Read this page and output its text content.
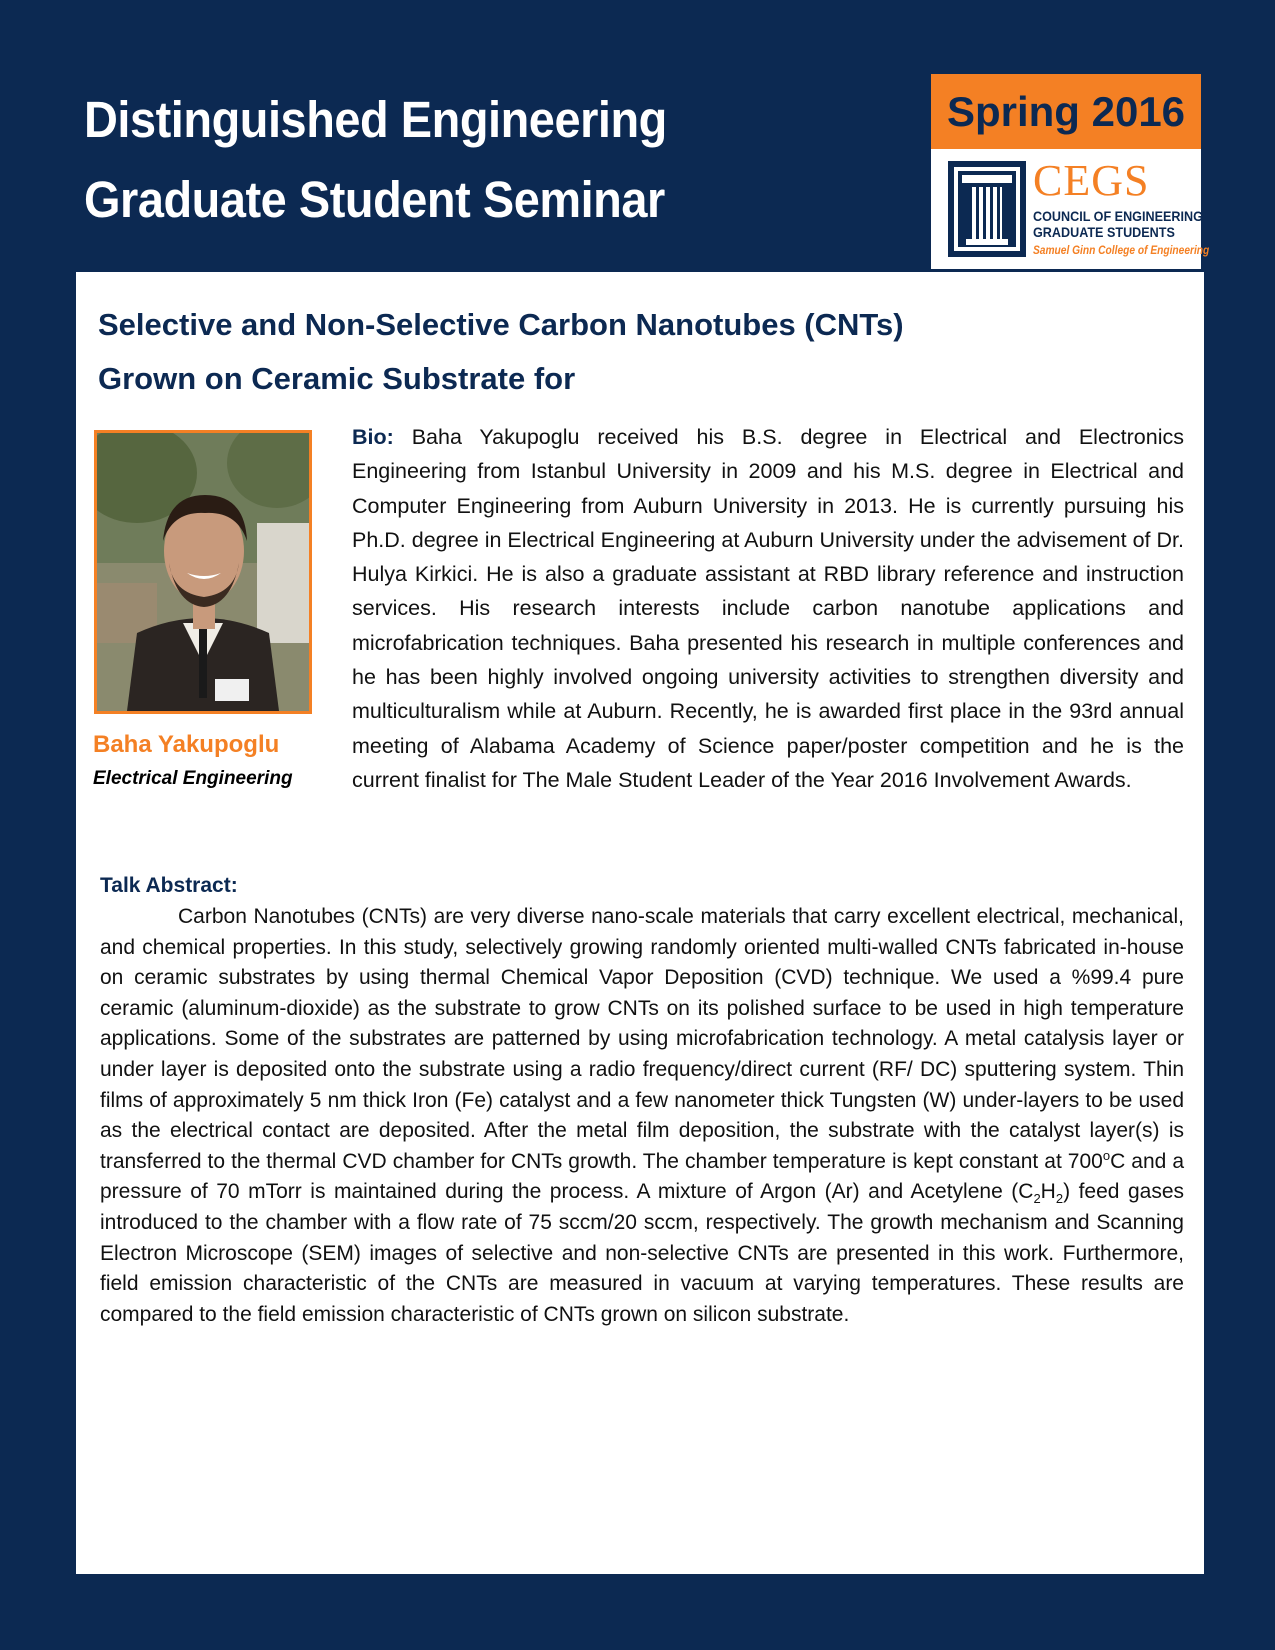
Distinguished Engineering
Graduate Student Seminar
Spring 2016
CEGS
COUNCIL OF ENGINEERING
GRADUATE STUDENTS
Samuel Ginn College of Engineering
Selective and Non-Selective Carbon Nanotubes (CNTs)
Grown on Ceramic Substrate for
Baha Yakupoglu
Electrical Engineering

Bio: Baha Yakupoglu received his B.S. degree in Electrical and Electronics Engineering from Istanbul University in 2009 and his M.S. degree in Electrical and Computer Engineering from Auburn University in 2013. He is currently pursuing his Ph.D. degree in Electrical Engineering at Auburn University under the advisement of Dr. Hulya Kirkici. He is also a graduate assistant at RBD library reference and instruction services. His research interests include carbon nanotube applications and microfabrication techniques. Baha presented his research in multiple conferences and he has been highly involved ongoing university activities to strengthen diversity and multiculturalism while at Auburn. Recently, he is awarded first place in the 93rd annual meeting of Alabama Academy of Science paper/poster competition and he is the current finalist for The Male Student Leader of the Year 2016 Involvement Awards.

Talk Abstract:

Carbon Nanotubes (CNTs) are very diverse nano-scale materials that carry excellent electrical, mechanical, and chemical properties. In this study, selectively growing randomly oriented multi-walled CNTs fabricated in-house on ceramic substrates by using thermal Chemical Vapor Deposition (CVD) technique. We used a %99.4 pure ceramic (aluminum-dioxide) as the substrate to grow CNTs on its polished surface to be used in high temperature applications. Some of the substrates are patterned by using microfabrication technology. A metal catalysis layer or under layer is deposited onto the substrate using a radio frequency/direct current (RF/ DC) sputtering system. Thin films of approximately 5 nm thick Iron (Fe) catalyst and a few nanometer thick Tungsten (W) under-layers to be used as the electrical contact are deposited. After the metal film deposition, the substrate with the catalyst layer(s) is transferred to the thermal CVD chamber for CNTs growth. The chamber temperature is kept constant at 700$^o$C and a pressure of 70 mTorr is maintained during the process. A mixture of Argon (Ar) and Acetylene $(C_2H_2)$ feed gases introduced to the chamber with a flow rate of 75 sccm/20 sccm, respectively. The growth mechanism and Scanning Electron Microscope (SEM) images of selective and non-selective CNTs are presented in this work. Furthermore, field emission characteristic of the CNTs are measured in vacuum at varying temperatures. These results are compared to the field emission characteristic of CNTs grown on silicon substrate.
